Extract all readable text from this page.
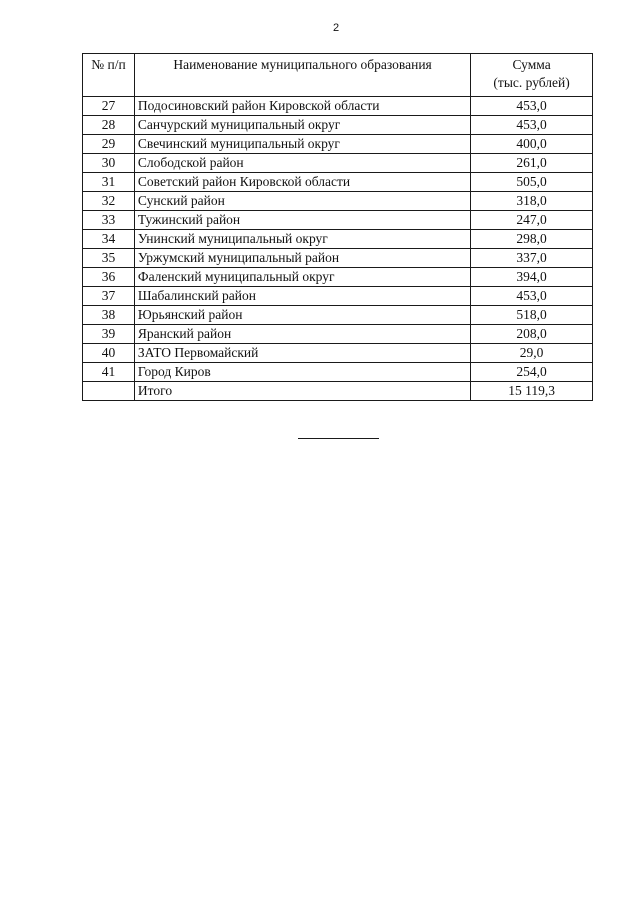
2
№ п/п	Наименование муниципального образования	Сумма
(тыс. рублей)

27	Подосиновский район Кировской области	453,0
28	Санчурский муниципальный округ	453,0
29	Свечинский муниципальный округ	400,0
30	Слободской район	261,0
31	Советский район Кировской области	505,0
32	Сунский район	318,0
33	Тужинский район	247,0
34	Унинский муниципальный округ	298,0
35	Уржумский муниципальный район	337,0
36	Фаленский муниципальный округ	394,0
37	Шабалинский район	453,0
38	Юрьянский район	518,0
39	Яранский район	208,0
40	ЗАТО Первомайский	29,0
41	Город Киров	254,0
	Итого	15 119,3
